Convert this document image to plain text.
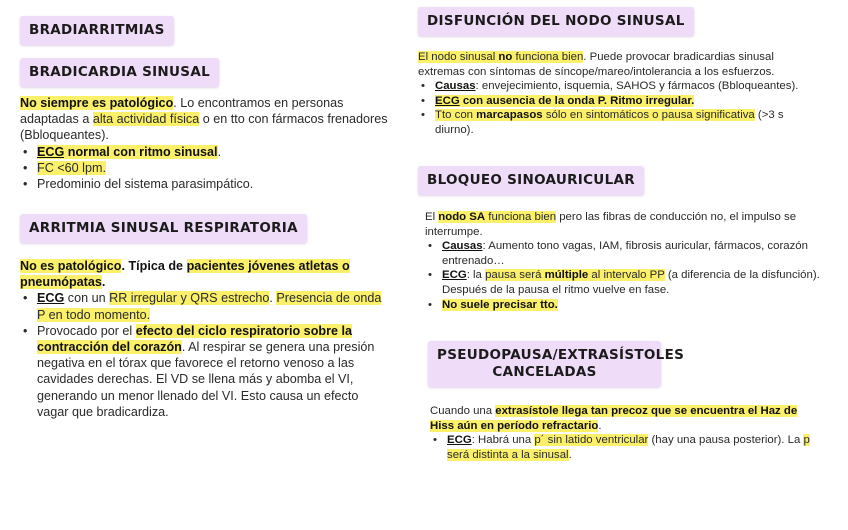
BRADIARRITMIAS
BRADICARDIA SINUSAL

No siempre es patológico. Lo encontramos en personas adaptadas a alta actividad física o en tto con fármacos frenadores (Bbloqueantes).

• ECG normal con ritmo sinusal.
• FC <60 lpm.
• Predominio del sistema parasimpático.
ARRITMIA SINUSAL RESPIRATORIA

No es patológico. Típica de pacientes jóvenes atletas o pneumópatas.

• ECG con un RR irregular y QRS estrecho. Presencia de onda P en todo momento.
• Provocado por el efecto del ciclo respiratorio sobre la contracción del corazón. Al respirar se genera una presión negativa en el tórax que favorece el retorno venoso a las cavidades derechas. El VD se llena más y abomba el VI, generando un menor llenado del VI. Esto causa un efecto vagar que bradicardiza.
DISFUNCIÓN DEL NODO SINUSAL

El nodo sinusal no funciona bien. Puede provocar bradicardias sinusal extremas con síntomas de síncope/mareo/intolerancia a los esfuerzos.

• Causas: envejecimiento, isquemia, SAHOS y fármacos (Bbloqueantes).
• ECG con ausencia de la onda P. Ritmo irregular.
• Tto con marcapasos sólo en sintomáticos o pausa significativa (>3 s diurno).
BLOQUEO SINOAURICULAR

El nodo SA funciona bien pero las fibras de conducción no, el impulso se interrumpe.

• Causas: Aumento tono vagas, IAM, fibrosis auricular, fármacos, corazón entrenado…
• ECG: la pausa será múltiple al intervalo PP (a diferencia de la disfunción). Después de la pausa el ritmo vuelve en fase.
• No suele precisar tto.
PSEUDOPAUSA/EXTRASÍSTOLES
CANCELADAS

Cuando una extrasístole llega tan precoz que se encuentra el Haz de Hiss aún en período refractario.

• ECG: Habrá una p´ sin latido ventricular (hay una pausa posterior). La p será distinta a la sinusal.
